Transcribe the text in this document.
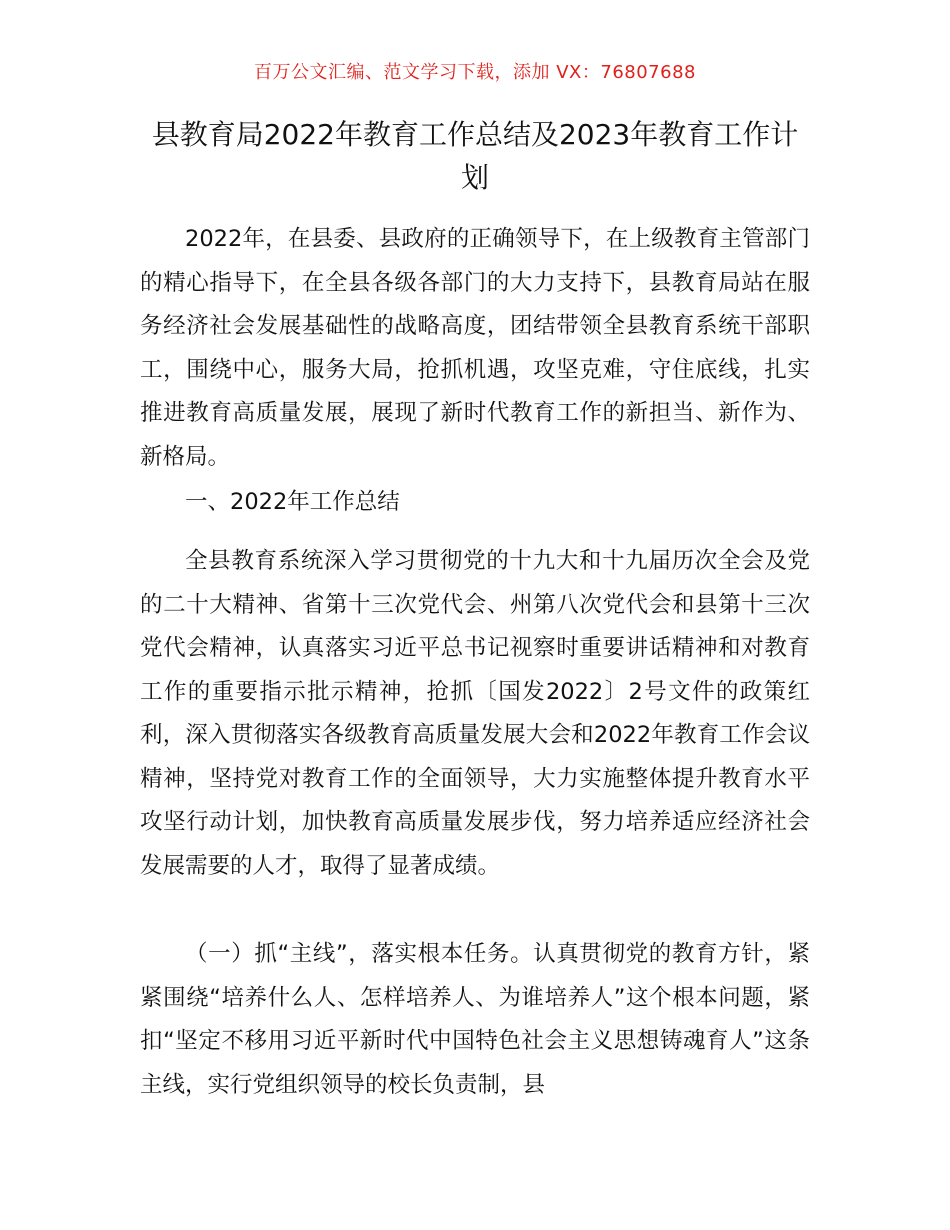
百万公文汇编、范文学习下载，添加 VX：76807688
县教育局2022年教育工作总结及2023年教育工作计划
2022年，在县委、县政府的正确领导下，在上级教育主管部门的精心指导下，在全县各级各部门的大力支持下，县教育局站在服务经济社会发展基础性的战略高度，团结带领全县教育系统干部职工，围绕中心，服务大局，抢抓机遇，攻坚克难，守住底线，扎实推进教育高质量发展，展现了新时代教育工作的新担当、新作为、新格局。
一、2022年工作总结
全县教育系统深入学习贯彻党的十九大和十九届历次全会及党的二十大精神、省第十三次党代会、州第八次党代会和县第十三次党代会精神，认真落实习近平总书记视察时重要讲话精神和对教育工作的重要指示批示精神，抢抓〔国发2022〕2号文件的政策红利，深入贯彻落实各级教育高质量发展大会和2022年教育工作会议精神，坚持党对教育工作的全面领导，大力实施整体提升教育水平攻坚行动计划，加快教育高质量发展步伐，努力培养适应经济社会发展需要的人才，取得了显著成绩。
（一）抓“主线”，落实根本任务。认真贯彻党的教育方针，紧紧围绕“培养什么人、怎样培养人、为谁培养人”这个根本问题，紧扣“坚定不移用习近平新时代中国特色社会主义思想铸魂育人”这条主线，实行党组织领导的校长负责制，县
